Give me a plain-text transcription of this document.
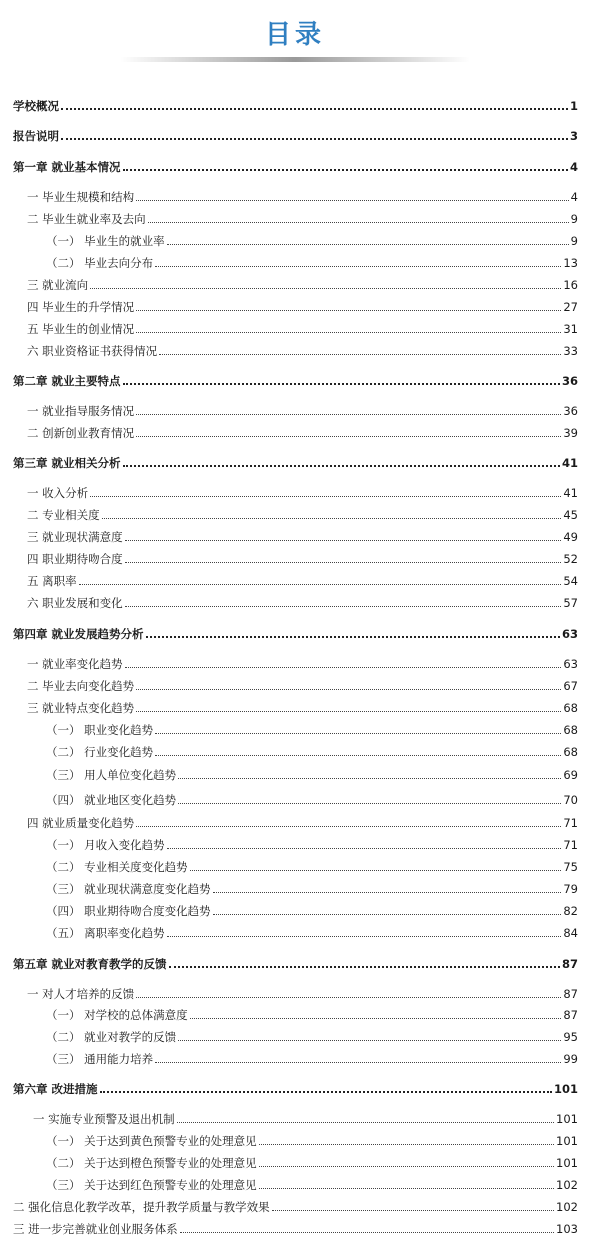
目录
学校概况	1
报告说明	3
第一章 就业基本情况	4
一 毕业生规模和结构	4
二 毕业生就业率及去向	9
（一） 毕业生的就业率	9
（二） 毕业去向分布	13
三 就业流向	16
四 毕业生的升学情况	27
五 毕业生的创业情况	31
六 职业资格证书获得情况	33
第二章 就业主要特点	36
一 就业指导服务情况	36
二 创新创业教育情况	39
第三章 就业相关分析	41
一 收入分析	41
二 专业相关度	45
三 就业现状满意度	49
四 职业期待吻合度	52
五 离职率	54
六 职业发展和变化	57
第四章 就业发展趋势分析	63
一 就业率变化趋势	63
二 毕业去向变化趋势	67
三 就业特点变化趋势	68
（一） 职业变化趋势	68
（二） 行业变化趋势	68
（三） 用人单位变化趋势	69
（四） 就业地区变化趋势	70
四 就业质量变化趋势	71
（一） 月收入变化趋势	71
（二） 专业相关度变化趋势	75
（三） 就业现状满意度变化趋势	79
（四） 职业期待吻合度变化趋势	82
（五） 离职率变化趋势	84
第五章 就业对教育教学的反馈	87
一 对人才培养的反馈	87
（一） 对学校的总体满意度	87
（二） 就业对教学的反馈	95
（三） 通用能力培养	99
第六章 改进措施	101
一 实施专业预警及退出机制	101
（一） 关于达到黄色预警专业的处理意见	101
（二） 关于达到橙色预警专业的处理意见	101
（三） 关于达到红色预警专业的处理意见	102
二 强化信息化教学改革，提升教学质量与教学效果	102
三 进一步完善就业创业服务体系	103
